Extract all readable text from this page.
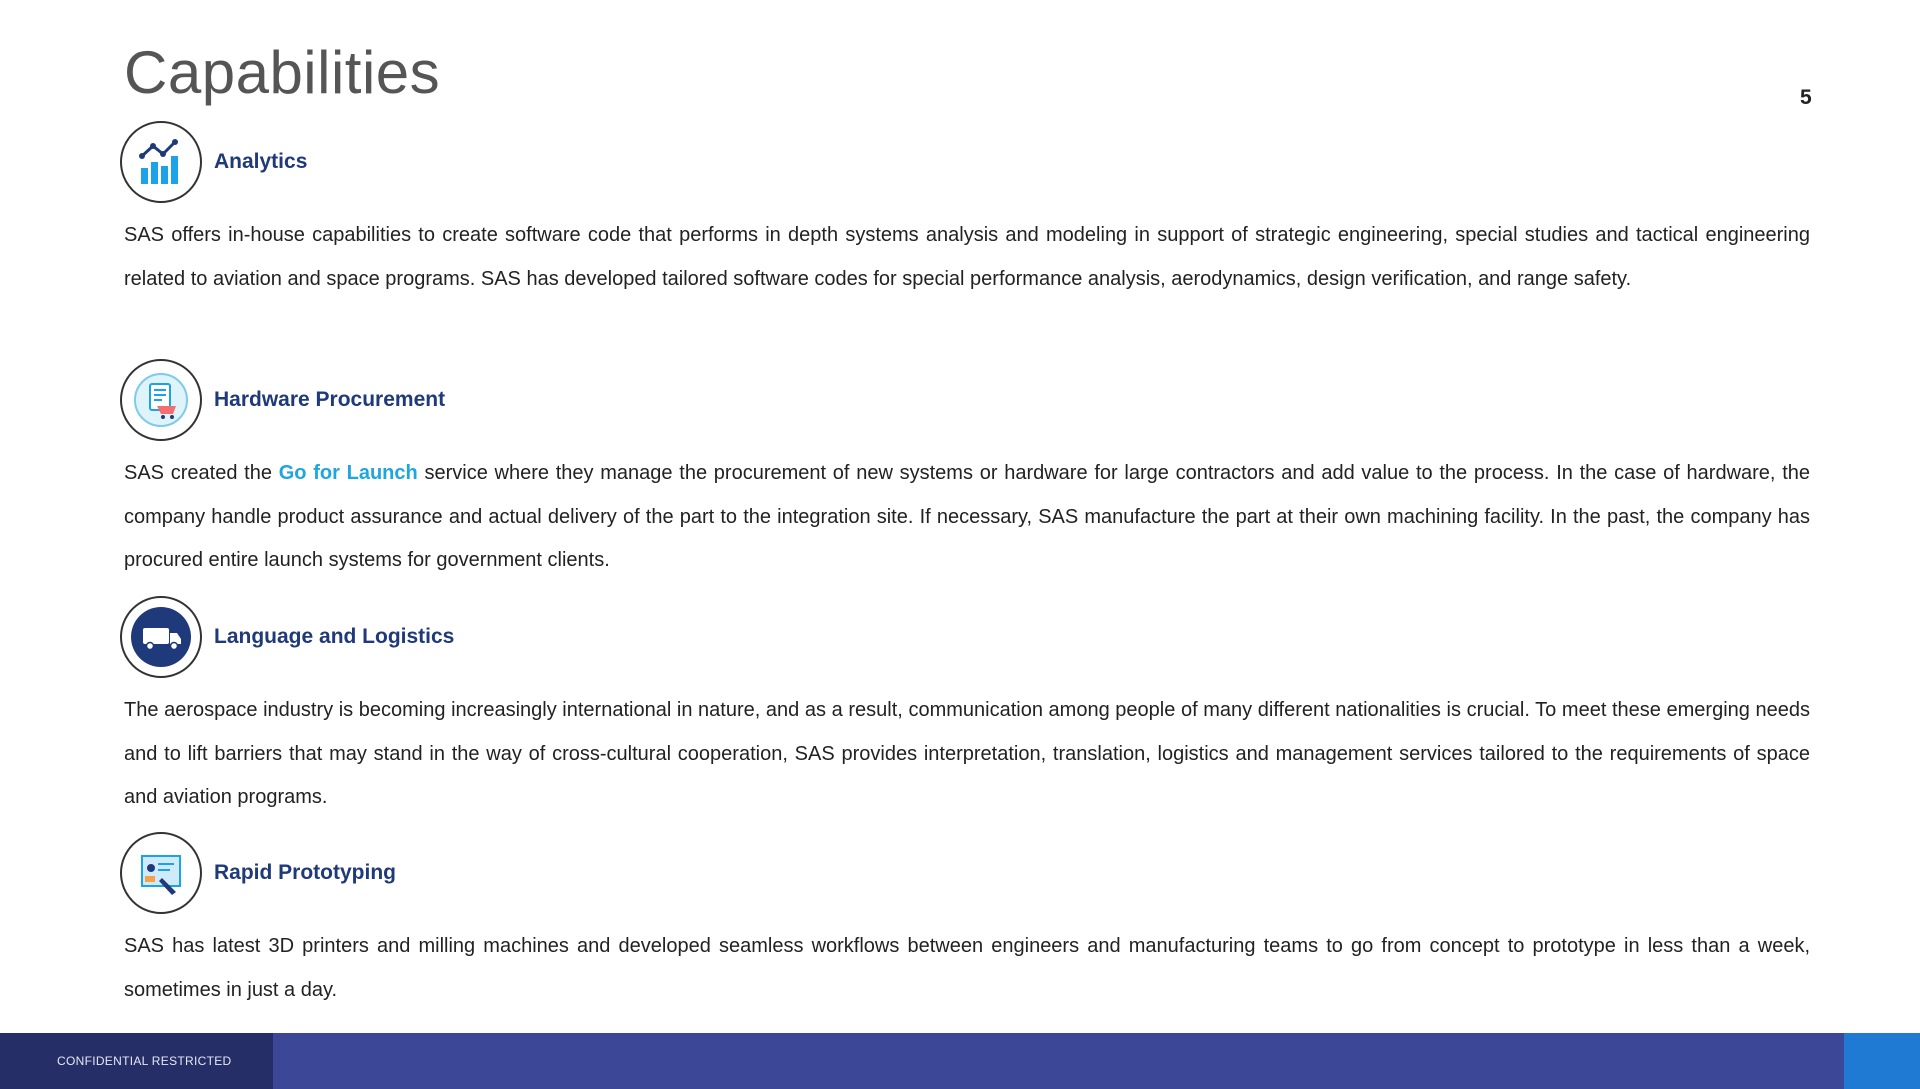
Capabilities	5
Analytics

SAS offers in-house capabilities to create software code that performs in depth systems analysis and modeling in support of strategic engineering, special studies and tactical engineering related to aviation and space programs. SAS has developed tailored software codes for special performance analysis, aerodynamics, design verification, and range safety.

Hardware Procurement

SAS created the Go for Launch service where they manage the procurement of new systems or hardware for large contractors and add value to the process. In the case of hardware, the company handle product assurance and actual delivery of the part to the integration site. If necessary, SAS manufacture the part at their own machining facility. In the past, the company has procured entire launch systems for government clients.

Language and Logistics

The aerospace industry is becoming increasingly international in nature, and as a result, communication among people of many different nationalities is crucial. To meet these emerging needs and to lift barriers that may stand in the way of cross-cultural cooperation, SAS provides interpretation, translation, logistics and management services tailored to the requirements of space and aviation programs.

Rapid Prototyping

SAS has latest 3D printers and milling machines and developed seamless workflows between engineers and manufacturing teams to go from concept to prototype in less than a week, sometimes in just a day.

CONFIDENTIAL RESTRICTED
